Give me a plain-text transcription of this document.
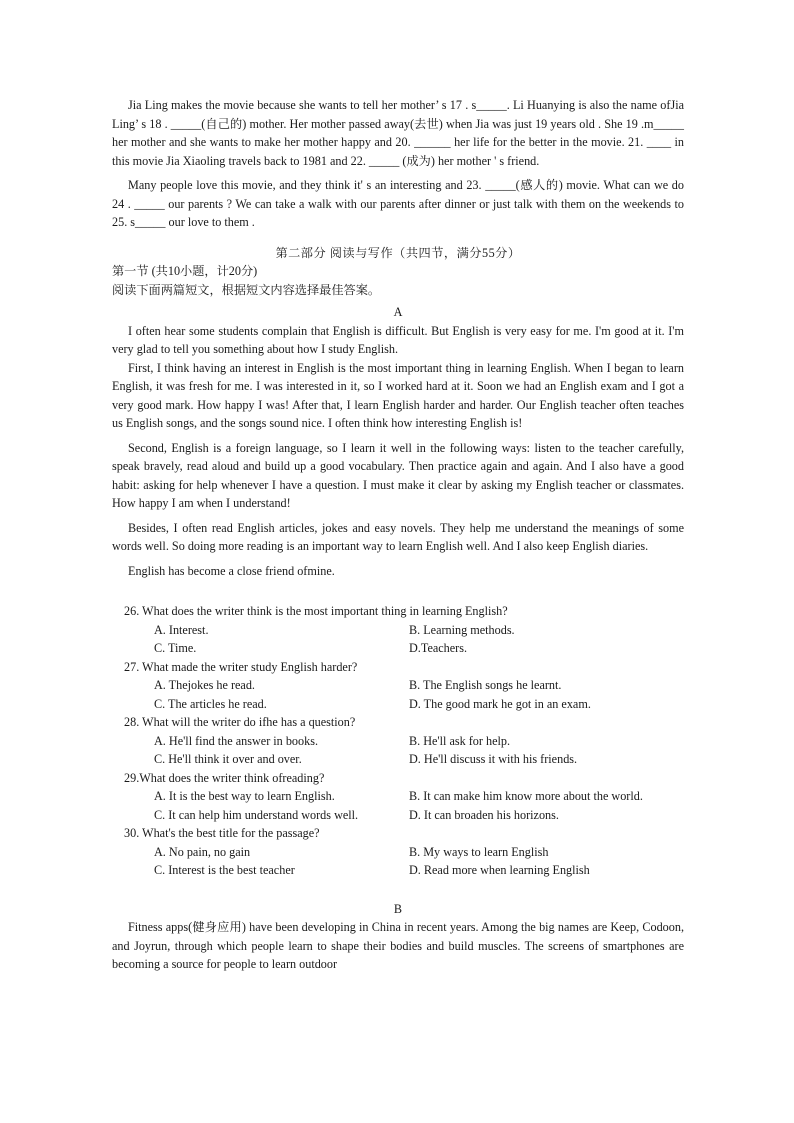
Jia Ling makes the movie because she wants to tell her mother’ s 17 . s_____. Li Huanying is also the name ofJia Ling’ s 18 . _____(自己的) mother. Her mother passed away(去世) when Jia was just 19 years old . She 19 .m_____ her mother and she wants to make her mother happy and 20. ______ her life for the better in the movie. 21. ____ in this movie Jia Xiaoling travels back to 1981 and 22. _____ (成为) her mother ' s friend.

Many people love this movie, and they think it' s an interesting and 23. _____(感人的) movie. What can we do 24 . _____ our parents ? We can take a walk with our parents after dinner or just talk with them on the weekends to 25. s_____ our love to them .

第二部分 阅读与写作（共四节，满分55分）

第一节 (共10小题，计20分)

阅读下面两篇短文，根据短文内容选择最佳答案。

A

I often hear some students complain that English is difficult. But English is very easy for me. I'm good at it. I'm very glad to tell you something about how I study English.

First, I think having an interest in English is the most important thing in learning English. When I began to learn English, it was fresh for me. I was interested in it, so I worked hard at it. Soon we had an English exam and I got a very good mark. How happy I was! After that, I learn English harder and harder. Our English teacher often teaches us English songs, and the songs sound nice. I often think how interesting English is!

Second, English is a foreign language, so I learn it well in the following ways: listen to the teacher carefully, speak bravely, read aloud and build up a good vocabulary. Then practice again and again. And I also have a good habit: asking for help whenever I have a question. I must make it clear by asking my English teacher or classmates. How happy I am when I understand!

Besides, I often read English articles, jokes and easy novels. They help me understand the meanings of some words well. So doing more reading is an important way to learn English well. And I also keep English diaries.

English has become a close friend ofmine.

26. What does the writer think is the most important thing in learning English?
A. Interest.	B. Learning methods.
C. Time.	D.Teachers.
27. What made the writer study English harder?
A. Thejokes he read.	B. The English songs he learnt.
C. The articles he read.	D. The good mark he got in an exam.
28. What will the writer do ifhe has a question?
A. He'll find the answer in books.	B. He'll ask for help.
C. He'll think it over and over.	D. He'll discuss it with his friends.
29.What does the writer think ofreading?
A. It is the best way to learn English.	B. It can make him know more about the world.
C. It can help him understand words well.	D. It can broaden his horizons.
30. What's the best title for the passage?
A. No pain, no gain	B. My ways to learn English
C. Interest is the best teacher	D. Read more when learning English

B

Fitness apps(健身应用) have been developing in China in recent years. Among the big names are Keep, Codoon, and Joyrun, through which people learn to shape their bodies and build muscles. The screens of smartphones are becoming a source for people to learn outdoor
